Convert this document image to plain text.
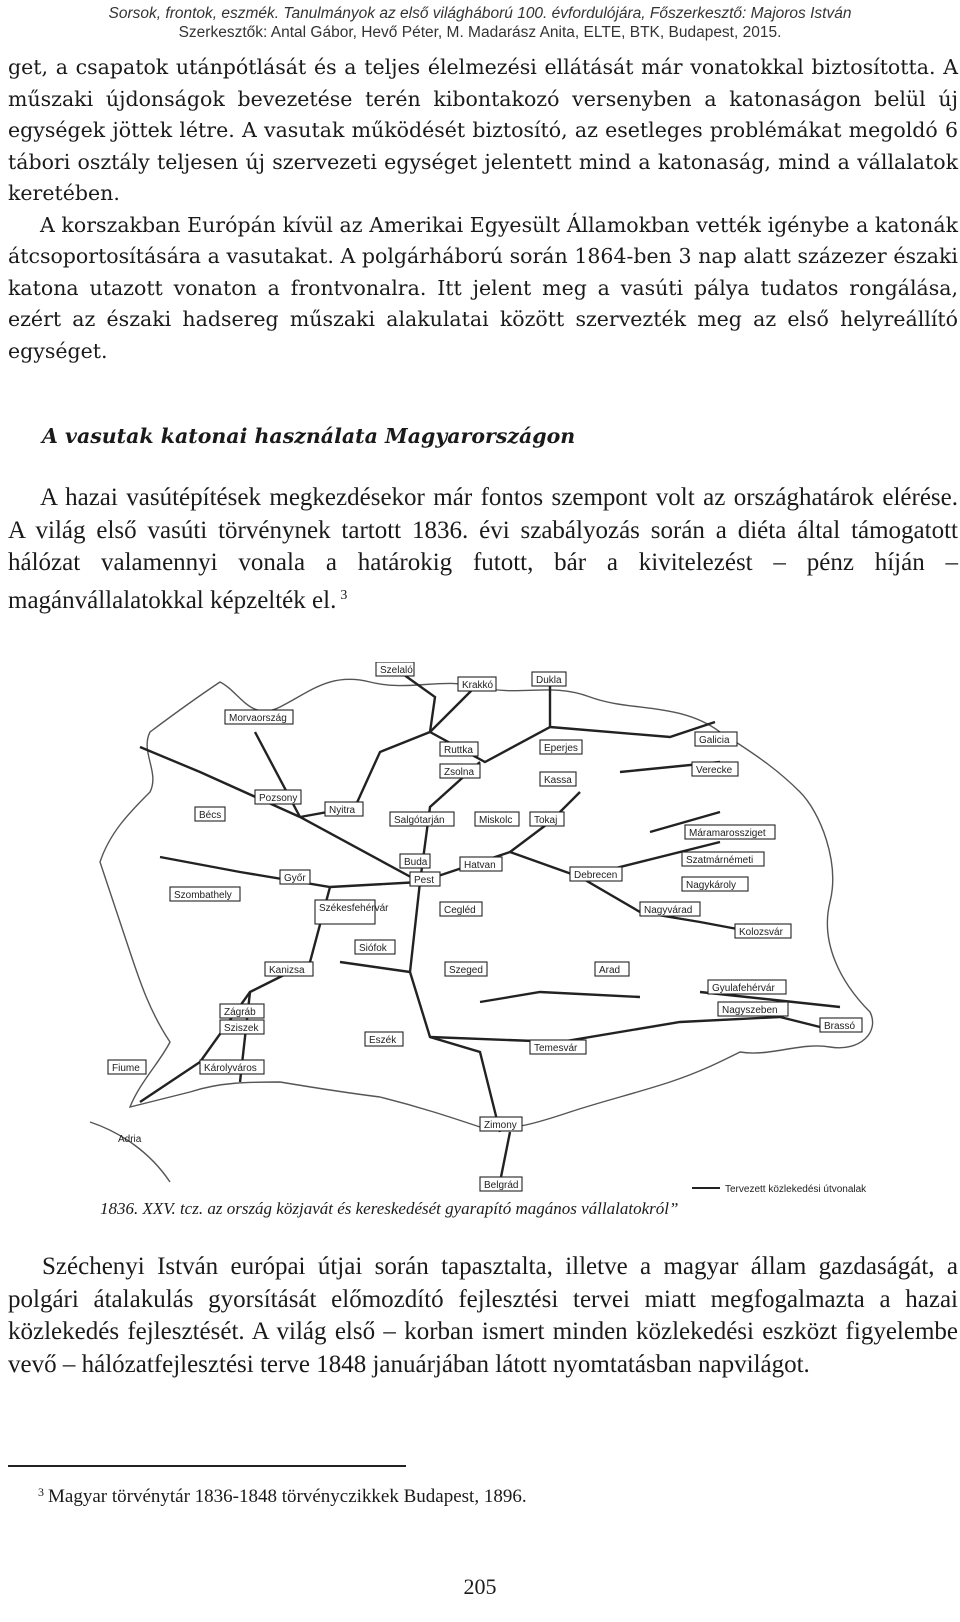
Sorsok, frontok, eszmék. Tanulmányok az első világháború 100. évfordulójára, Főszerkesztő: Majoros István
Szerkesztők: Antal Gábor, Hevő Péter, M. Madarász Anita, ELTE, BTK, Budapest, 2015.

get, a csapatok utánpótlását és a teljes élelmezési ellátását már vonatokkal biztosította. A műszaki újdonságok bevezetése terén kibontakozó versenyben a katonaságon belül új egységek jöttek létre. A vasutak működését biztosító, az esetleges problémákat megoldó 6 tábori osztály teljesen új szervezeti egységet jelentett mind a katonaság, mind a vállalatok keretében.
A korszakban Európán kívül az Amerikai Egyesült Államokban vették igénybe a katonák átcsoportosítására a vasutakat. A polgárháború során 1864-ben 3 nap alatt százezer északi katona utazott vonaton a frontvonalra. Itt jelent meg a vasúti pálya tudatos rongálása, ezért az északi hadsereg műszaki alakulatai között szervezték meg az első helyreállító egységet.

A vasutak katonai használata Magyarországon

A hazai vasútépítések megkezdésekor már fontos szempont volt az országhatárok elérése. A világ első vasúti törvénynek tartott 1836. évi szabályozás során a diéta által támogatott hálózat valamennyi vonala a határokig futott, bár a kivitelezést – pénz híján – magánvállalatokkal képzelték el. $^3$

Szelaló
Krakkó	Dukla
Morvaország
Ruttka	Eperjes
Galicia
Zsolna
Kassa
Verecke
Pozsony
Nyitra
Bécs	Salgótarján	Miskolc Tokaj
Máramarossziget
Buda	Hatvan	Szatmárnémeti
Győr	Pest	Debrecen
Nagykároly
Szombathely
Székesfehérvár	Cegléd	Nagyvárad
Kolozsvár
Siófok
Kanizsa	Szeged	Arad
Gyulafehérvár
Nagyszeben
Brassó
Zágráb
Sziszek
Eszék
Temesvár
Fiume	Károlyváros
Zimony
Adria
Belgrád	Tervezett közlekedési útvonalak
1836. XXV. tcz. az ország közjavát és kereskedését gyarapító magános vállalatokról”

Széchenyi István európai útjai során tapasztalta, illetve a magyar állam gazdaságát, a polgári átalakulás gyorsítását előmozdító fejlesztési tervei miatt megfogalmazta a hazai közlekedés fejlesztését. A világ első – korban ismert minden közlekedési eszközt figyelembe vevő – hálózatfejlesztési terve 1848 januárjában látott nyomtatásban napvilágot.

$^3$ Magyar törvénytár 1836-1848 törvényczikkek Budapest, 1896.
205
